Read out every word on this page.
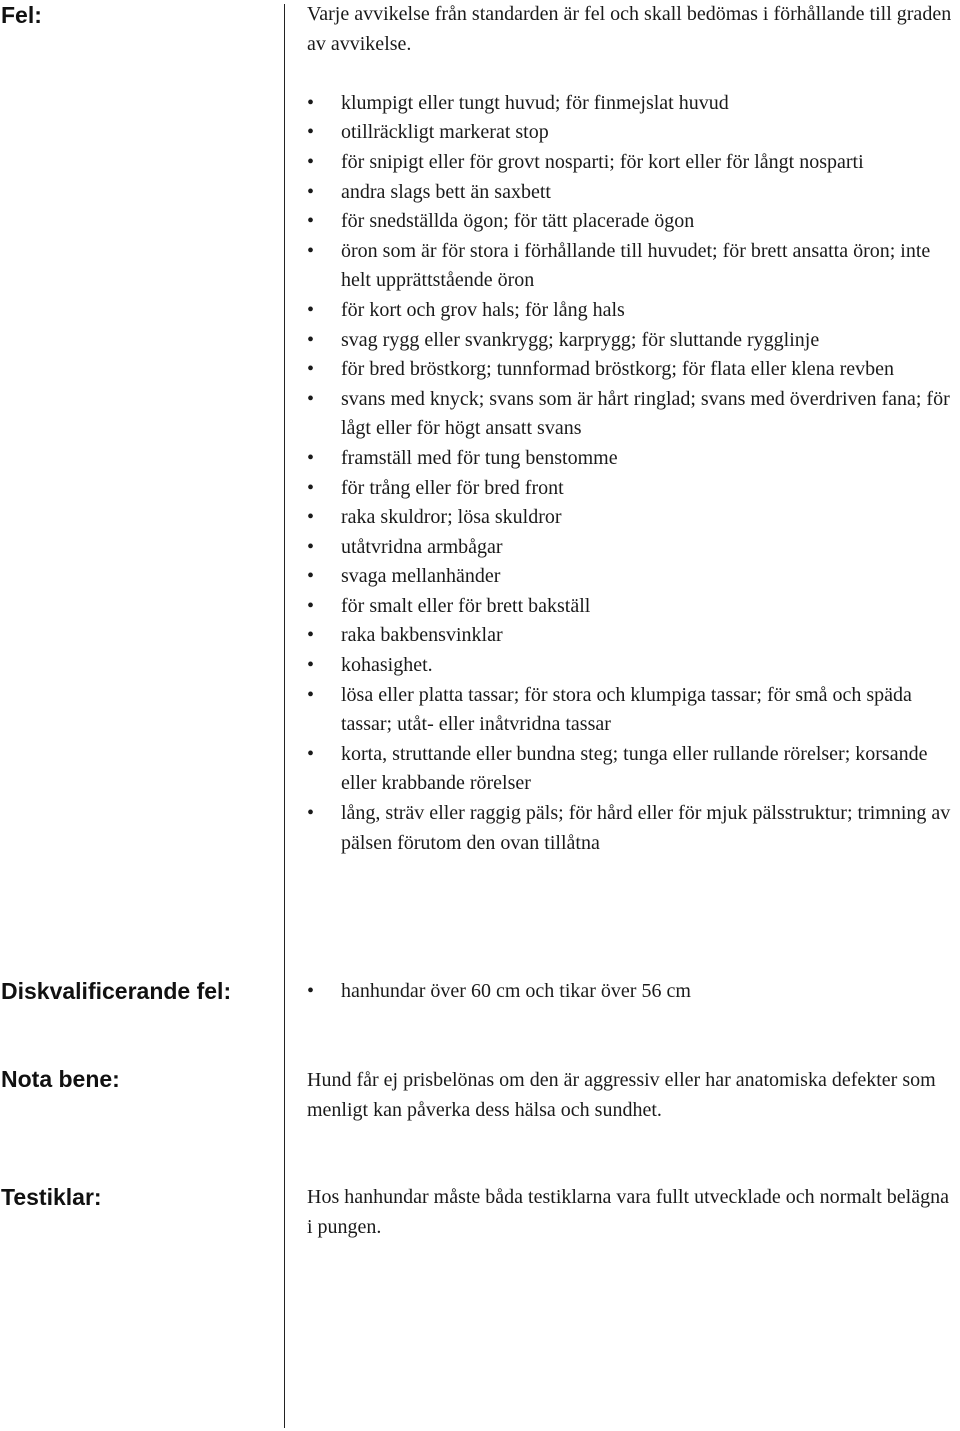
Fel:	Varje avvikelse från standarden är fel och skall bedömas i förhållande till graden av avvikelse.

•	klumpigt eller tungt huvud; för finmejslat huvud
•	otillräckligt markerat stop
•	för snipigt eller för grovt nosparti; för kort eller för långt nosparti
•	andra slags bett än saxbett
•	för snedställda ögon; för tätt placerade ögon
•	öron som är för stora i förhållande till huvudet; för brett ansatta öron; inte helt upprättstående öron
•	för kort och grov hals; för lång hals
•	svag rygg eller svankrygg; karprygg; för sluttande rygglinje
•	för bred bröstkorg; tunnformad bröstkorg; för flata eller klena revben
•	svans med knyck; svans som är hårt ringlad; svans med överdriven fana; för lågt eller för högt ansatt svans
•	framställ med för tung benstomme
•	för trång eller för bred front
•	raka skuldror; lösa skuldror
•	utåtvridna armbågar
•	svaga mellanhänder
•	för smalt eller för brett bakställ
•	raka bakbensvinklar
•	kohasighet.
•	lösa eller platta tassar; för stora och klumpiga tassar; för små och späda tassar; utåt- eller inåtvridna tassar
•	korta, struttande eller bundna steg; tunga eller rullande rörelser; korsande eller krabbande rörelser
•	lång, sträv eller raggig päls; för hård eller för mjuk pälsstruktur; trimning av pälsen förutom den ovan tillåtna
Diskvalificerande fel:	•	hanhundar över 60 cm och tikar över 56 cm
Nota bene:	Hund får ej prisbelönas om den är aggressiv eller har anatomiska defekter som menligt kan påverka dess hälsa och sundhet.

Testiklar:	Hos hanhundar måste båda testiklarna vara fullt utvecklade och normalt belägna i pungen.
